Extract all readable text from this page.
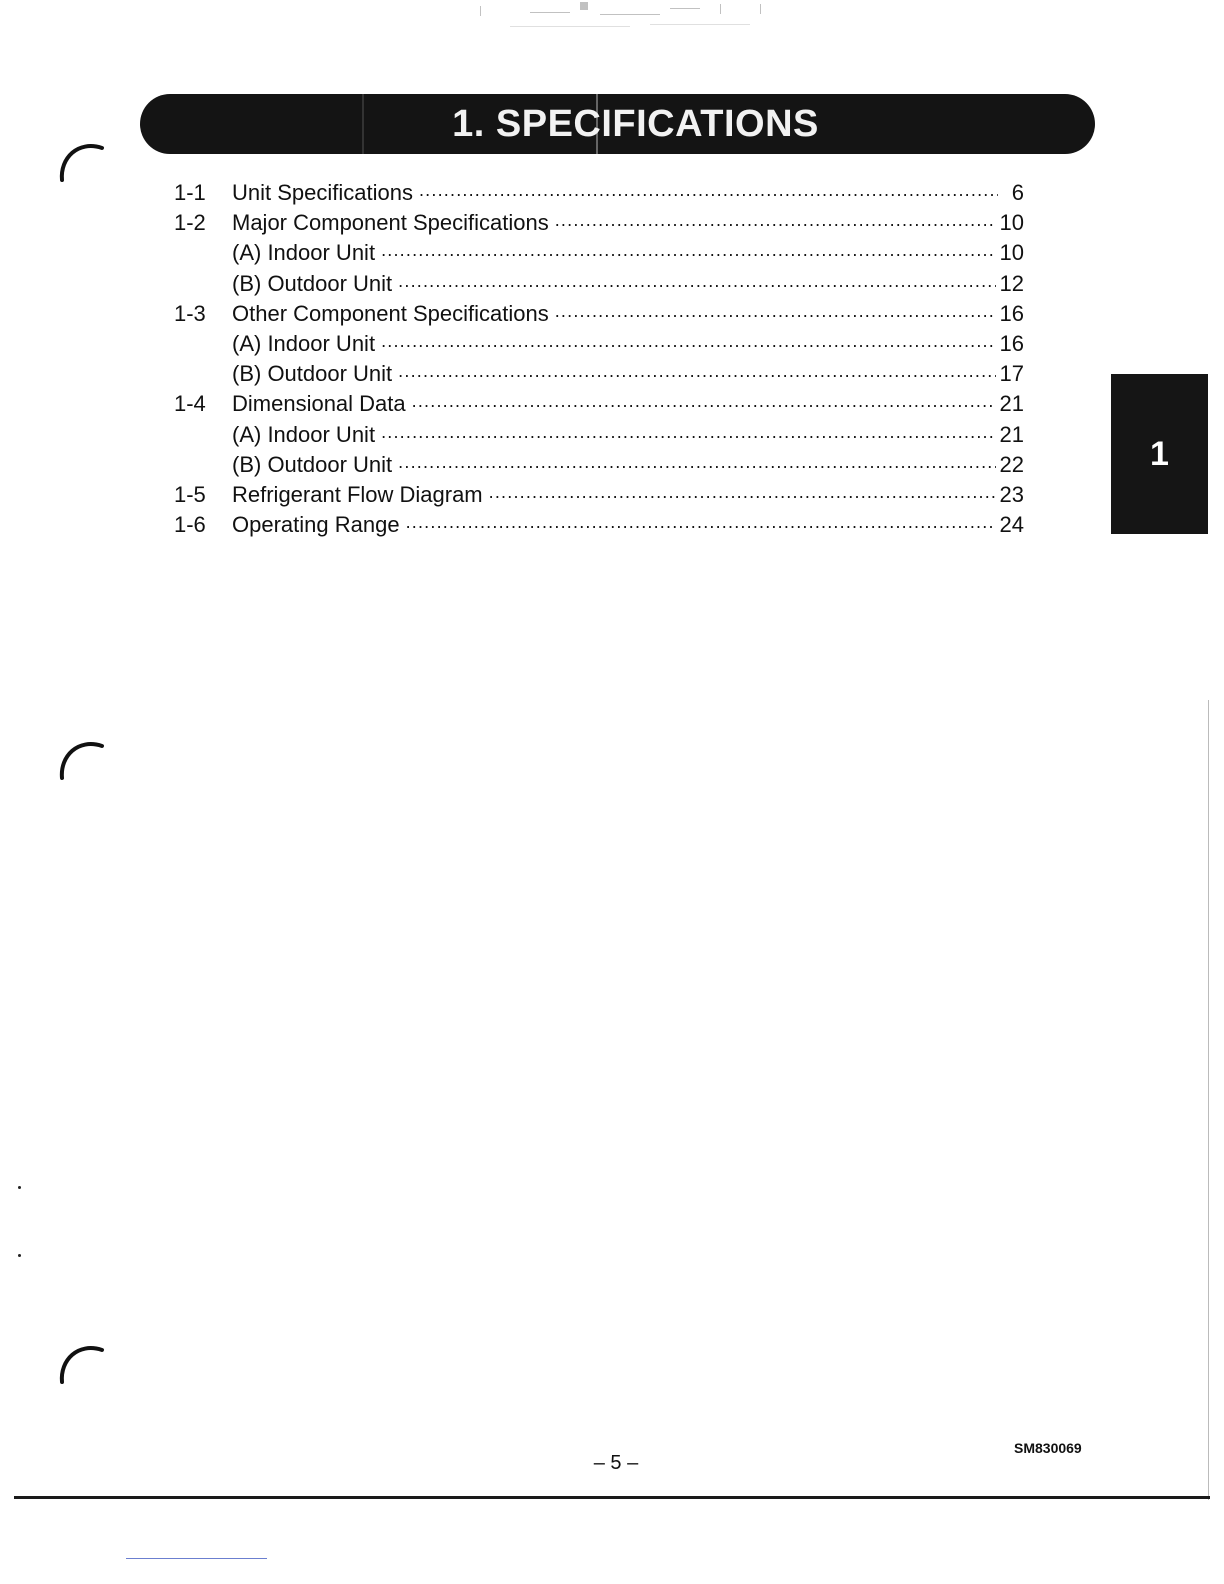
1. SPECIFICATIONS
1-1	Unit Specifications .....	6
1-2	Major Component Specifications .....	10
(A) Indoor Unit .....	10
(B) Outdoor Unit .....	12
1-3	Other Component Specifications .....	16
(A) Indoor Unit .....	16
(B) Outdoor Unit .....	17
1-4	Dimensional Data .....	21
(A) Indoor Unit .....	21
(B) Outdoor Unit .....	22
1-5	Refrigerant Flow Diagram .....	23
1-6	Operating Range .....	24
1
– 5 –
SM830069
